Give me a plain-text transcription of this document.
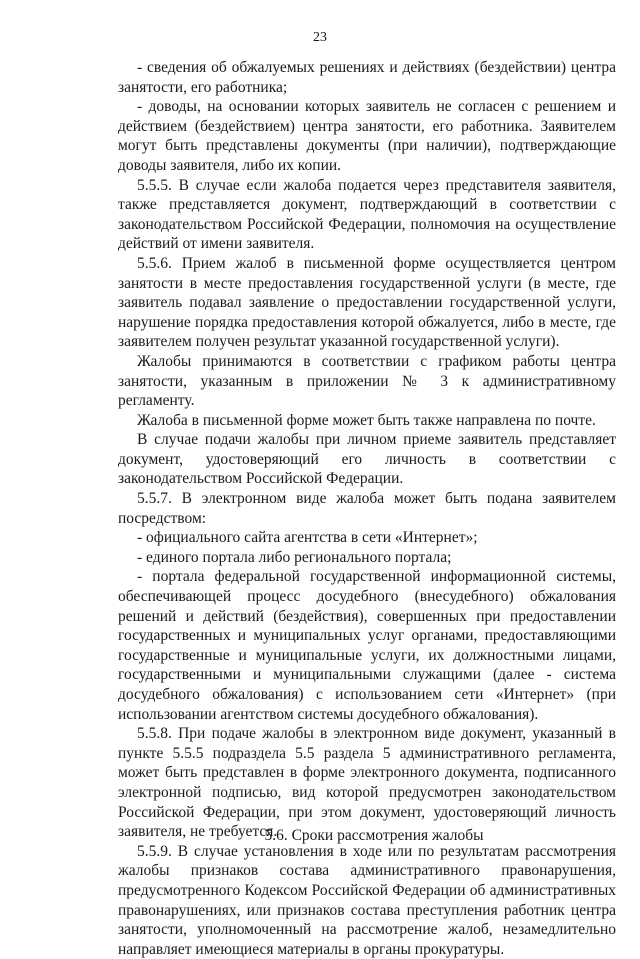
23

- сведения об обжалуемых решениях и действиях (бездействии) центра занятости, его работника;

- доводы, на основании которых заявитель не согласен с решением и действием (бездействием) центра занятости, его работника. Заявителем могут быть представлены документы (при наличии), подтверждающие доводы заявителя, либо их копии.

5.5.5. В случае если жалоба подается через представителя заявителя, также представляется документ, подтверждающий в соответствии с законодательством Российской Федерации, полномочия на осуществление действий от имени заявителя.

5.5.6. Прием жалоб в письменной форме осуществляется центром занятости в месте предоставления государственной услуги (в месте, где заявитель подавал заявление о предоставлении государственной услуги, нарушение порядка предоставления которой обжалуется, либо в месте, где заявителем получен результат указанной государственной услуги).

Жалобы принимаются в соответствии с графиком работы центра занятости, указанным в приложении № 3 к административному регламенту.

Жалоба в письменной форме может быть также направлена по почте.

В случае подачи жалобы при личном приеме заявитель представляет документ, удостоверяющий его личность в соответствии с законодательством Российской Федерации.

5.5.7. В электронном виде жалоба может быть подана заявителем посредством:

- официального сайта агентства в сети «Интернет»;

- единого портала либо регионального портала;

- портала федеральной государственной информационной системы, обеспечивающей процесс досудебного (внесудебного) обжалования решений и действий (бездействия), совершенных при предоставлении государственных и муниципальных услуг органами, предоставляющими государственные и муниципальные услуги, их должностными лицами, государственными и муниципальными служащими (далее - система досудебного обжалования) с использованием сети «Интернет» (при использовании агентством системы досудебного обжалования).

5.5.8. При подаче жалобы в электронном виде документ, указанный в пункте 5.5.5 подраздела 5.5 раздела 5 административного регламента, может быть представлен в форме электронного документа, подписанного электронной подписью, вид которой предусмотрен законодательством Российской Федерации, при этом документ, удостоверяющий личность заявителя, не требуется.

5.5.9. В случае установления в ходе или по результатам рассмотрения жалобы признаков состава административного правонарушения, предусмотренного Кодексом Российской Федерации об административных правонарушениях, или признаков состава преступления работник центра занятости, уполномоченный на рассмотрение жалоб, незамедлительно направляет имеющиеся материалы в органы прокуратуры.

5.6. Сроки рассмотрения жалобы
